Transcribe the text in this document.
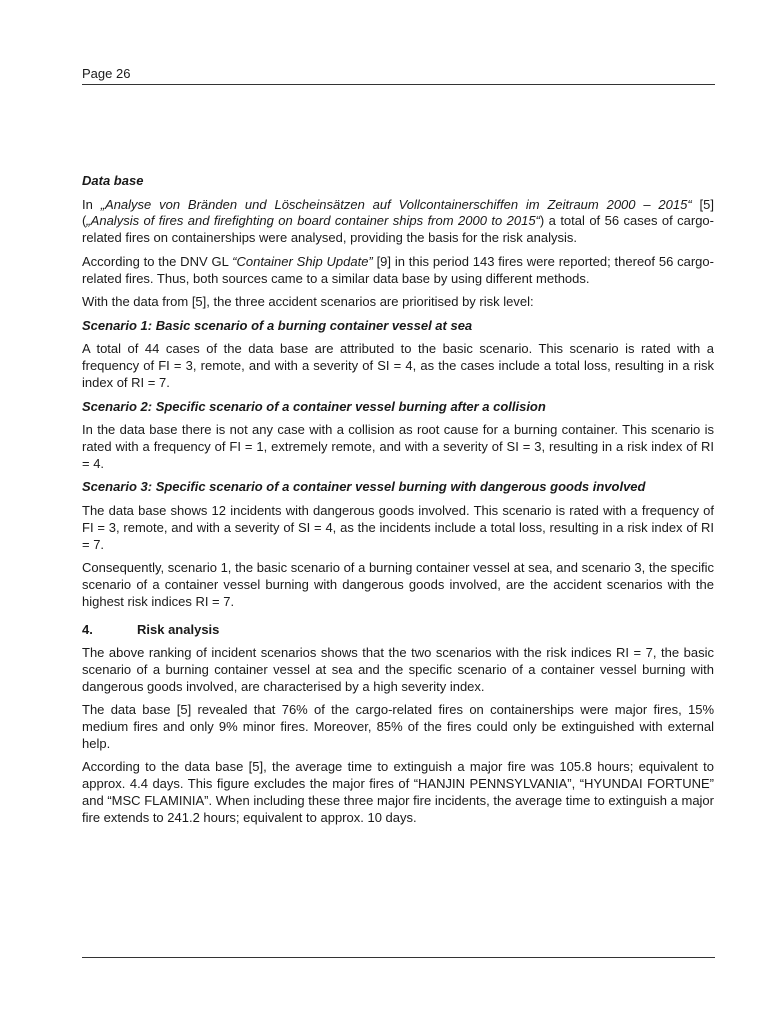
Page 26
Data base

In „Analyse von Bränden und Löscheinsätzen auf Vollcontainerschiffen im Zeitraum 2000 – 2015“ [5] („Analysis of fires and firefighting on board container ships from 2000 to 2015“) a total of 56 cases of cargo-related fires on containerships were analysed, providing the basis for the risk analysis.

According to the DNV GL “Container Ship Update” [9] in this period 143 fires were reported; thereof 56 cargo-related fires. Thus, both sources came to a similar data base by using different methods.

With the data from [5], the three accident scenarios are prioritised by risk level:

Scenario 1: Basic scenario of a burning container vessel at sea

A total of 44 cases of the data base are attributed to the basic scenario. This scenario is rated with a frequency of FI = 3, remote, and with a severity of SI = 4, as the cases include a total loss, resulting in a risk index of RI = 7.

Scenario 2: Specific scenario of a container vessel burning after a collision

In the data base there is not any case with a collision as root cause for a burning container. This scenario is rated with a frequency of FI = 1, extremely remote, and with a severity of SI = 3, resulting in a risk index of RI = 4.

Scenario 3: Specific scenario of a container vessel burning with dangerous goods involved

The data base shows 12 incidents with dangerous goods involved. This scenario is rated with a frequency of FI = 3, remote, and with a severity of SI = 4, as the incidents include a total loss, resulting in a risk index of RI = 7.

Consequently, scenario 1, the basic scenario of a burning container vessel at sea, and scenario 3, the specific scenario of a container vessel burning with dangerous goods involved, are the accident scenarios with the highest risk indices RI = 7.

4.	Risk analysis

The above ranking of incident scenarios shows that the two scenarios with the risk indices RI = 7, the basic scenario of a burning container vessel at sea and the specific scenario of a container vessel burning with dangerous goods involved, are characterised by a high severity index.

The data base [5] revealed that 76% of the cargo-related fires on containerships were major fires, 15% medium fires and only 9% minor fires. Moreover, 85% of the fires could only be extinguished with external help.

According to the data base [5], the average time to extinguish a major fire was 105.8 hours; equivalent to approx. 4.4 days. This figure excludes the major fires of “HANJIN PENNSYLVANIA”, “HYUNDAI FORTUNE” and “MSC FLAMINIA”. When including these three major fire incidents, the average time to extinguish a major fire extends to 241.2 hours; equivalent to approx. 10 days.
